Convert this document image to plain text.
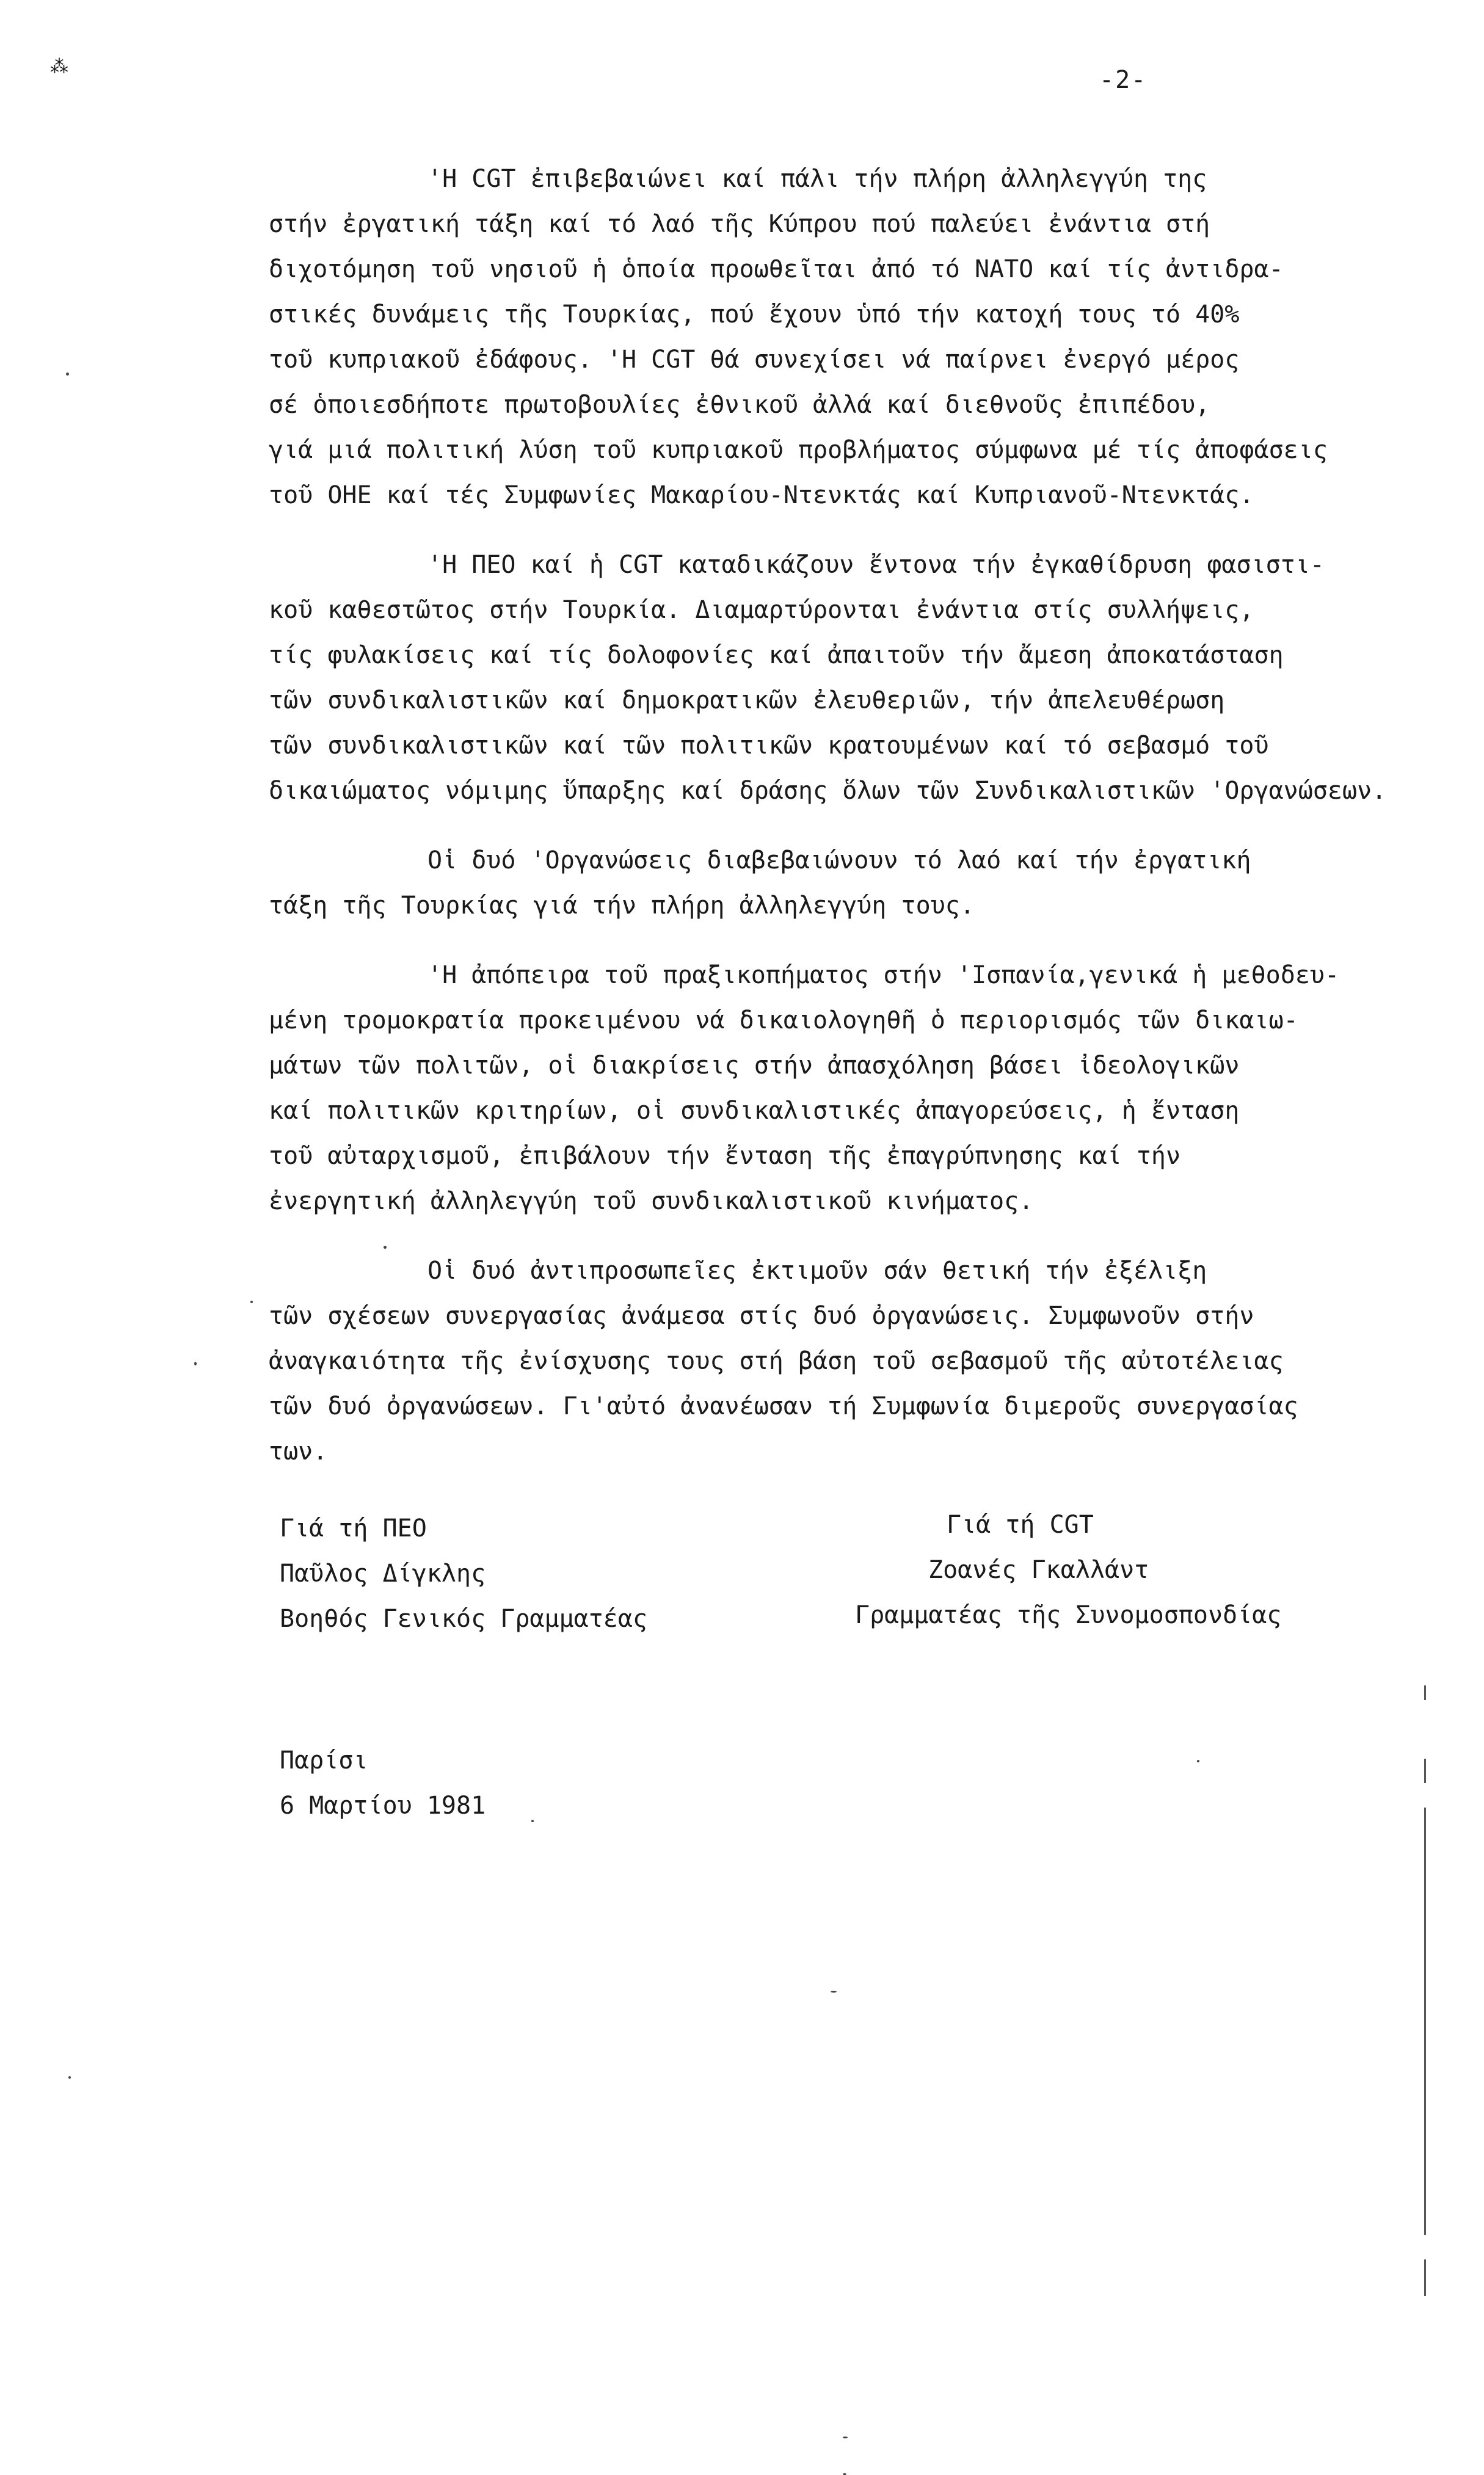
⁂	-2-
'Η CGT ἐπιβεβαιώνει καί πάλι τήν πλήρη ἀλληλεγγύη της
στήν ἐργατική τάξη καί τό λαό τῆς Κύπρου πού παλεύει ἐνάντια στή
διχοτόμηση τοῦ νησιοῦ ἡ ὁποία προωθεῖται ἀπό τό ΝΑΤΟ καί τίς ἀντιδρα-
στικές δυνάμεις τῆς Τουρκίας, πού ἔχουν ὑπό τήν κατοχή τους τό 40%
τοῦ κυπριακοῦ ἐδάφους. 'Η CGT θά συνεχίσει νά παίρνει ἐνεργό μέρος
σέ ὁποιεσδήποτε πρωτοβουλίες ἐθνικοῦ ἀλλά καί διεθνοῦς ἐπιπέδου,
γιά μιά πολιτική λύση τοῦ κυπριακοῦ προβλήματος σύμφωνα μέ τίς ἀποφάσεις
τοῦ ΟΗΕ καί τές Συμφωνίες Μακαρίου-Ντενκτάς καί Κυπριανοῦ-Ντενκτάς.
'Η ΠΕΟ καί ἡ CGT καταδικάζουν ἔντονα τήν ἐγκαθίδρυση φασιστι-
κοῦ καθεστῶτος στήν Τουρκία. Διαμαρτύρονται ἐνάντια στίς συλλήψεις,
τίς φυλακίσεις καί τίς δολοφονίες καί ἀπαιτοῦν τήν ἄμεση ἀποκατάσταση
τῶν συνδικαλιστικῶν καί δημοκρατικῶν ἐλευθεριῶν, τήν ἀπελευθέρωση
τῶν συνδικαλιστικῶν καί τῶν πολιτικῶν κρατουμένων καί τό σεβασμό τοῦ
δικαιώματος νόμιμης ὕπαρξης καί δράσης ὅλων τῶν Συνδικαλιστικῶν 'Οργανώσεων.
Οἱ δυό 'Οργανώσεις διαβεβαιώνουν τό λαό καί τήν ἐργατική
τάξη τῆς Τουρκίας γιά τήν πλήρη ἀλληλεγγύη τους.
'Η ἀπόπειρα τοῦ πραξικοπήματος στήν 'Ισπανία,γενικά ἡ μεθοδευ-
μένη τρομοκρατία προκειμένου νά δικαιολογηθῆ ὁ περιορισμός τῶν δικαιω-
μάτων τῶν πολιτῶν, οἱ διακρίσεις στήν ἀπασχόληση βάσει ἰδεολογικῶν
καί πολιτικῶν κριτηρίων, οἱ συνδικαλιστικές ἀπαγορεύσεις, ἡ ἔνταση
τοῦ αὐταρχισμοῦ, ἐπιβάλουν τήν ἔνταση τῆς ἐπαγρύπνησης καί τήν
ἐνεργητική ἀλληλεγγύη τοῦ συνδικαλιστικοῦ κινήματος.
Οἱ δυό ἀντιπροσωπεῖες ἐκτιμοῦν σάν θετική τήν ἐξέλιξη
τῶν σχέσεων συνεργασίας ἀνάμεσα στίς δυό ὀργανώσεις. Συμφωνοῦν στήν
ἀναγκαιότητα τῆς ἐνίσχυσης τους στή βάση τοῦ σεβασμοῦ τῆς αὐτοτέλειας
τῶν δυό ὀργανώσεων. Γι'αὐτό ἀνανέωσαν τή Συμφωνία διμεροῦς συνεργασίας
των.
Γιά τή ΠΕΟ
Παῦλος Δίγκλης
Βοηθός Γενικός Γραμματέας
Γιά τή CGT
Ζοανές Γκαλλάντ
Γραμματέας τῆς Συνομοσπονδίας
Παρίσι
6 Μαρτίου 1981
